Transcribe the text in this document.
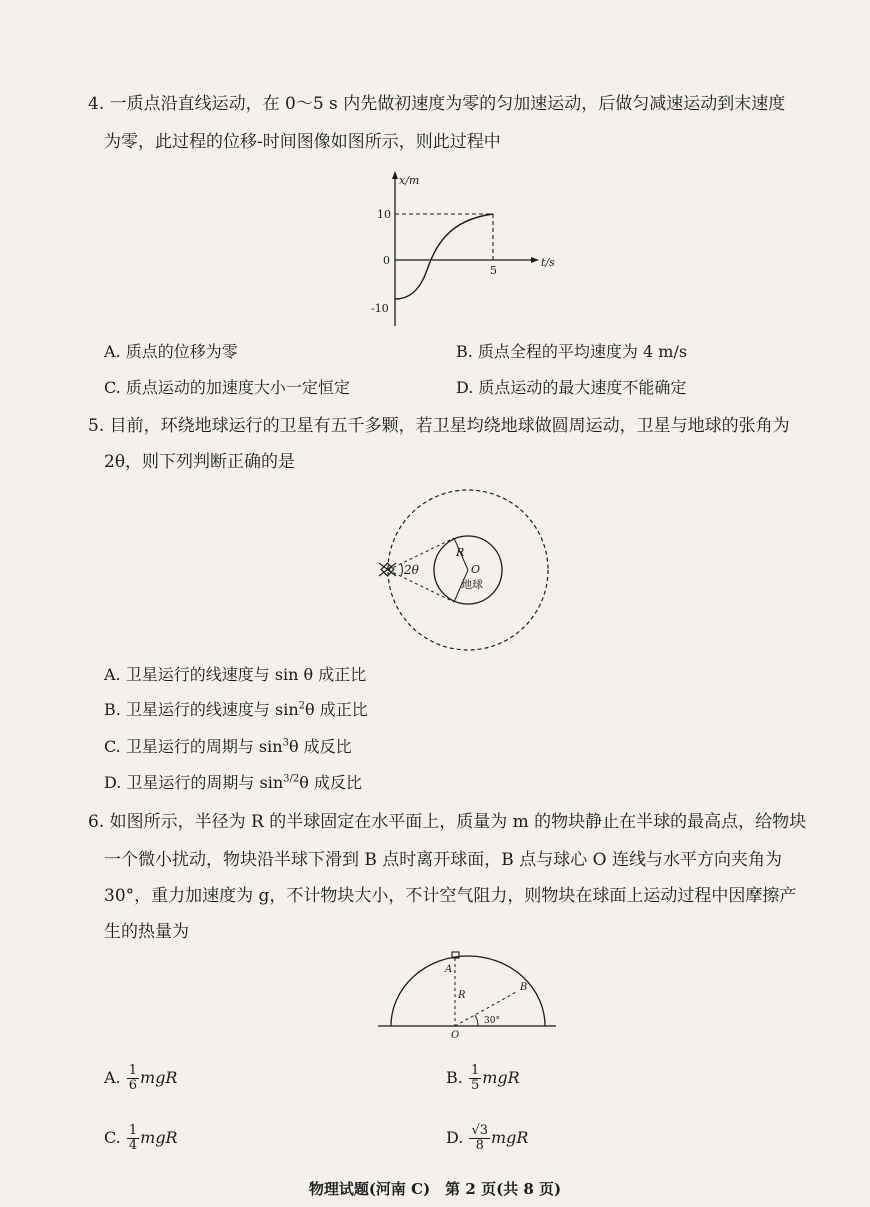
4. 一质点沿直线运动，在 0～5 s 内先做初速度为零的匀加速运动，后做匀减速运动到末速度
为零，此过程的位移-时间图像如图所示，则此过程中
x/m
t/s
10
0
-10
5
A. 质点的位移为零	B. 质点全程的平均速度为 4 m/s
C. 质点运动的加速度大小一定恒定	D. 质点运动的最大速度不能确定
5. 目前，环绕地球运行的卫星有五千多颗，若卫星均绕地球做圆周运动，卫星与地球的张角为
2θ，则下列判断正确的是
2θ
R
O
地球
A. 卫星运行的线速度与 sin θ 成正比
B. 卫星运行的线速度与 $\sin^2\theta$ 成正比
C. 卫星运行的周期与 $\sin^3\theta$ 成反比
D. 卫星运行的周期与 $\sin^{3/2}\theta$ 成反比
6. 如图所示，半径为 R 的半球固定在水平面上，质量为 m 的物块静止在半球的最高点，给物块
一个微小扰动，物块沿半球下滑到 B 点时离开球面，B 点与球心 O 连线与水平方向夹角为
30°，重力加速度为 g，不计物块大小，不计空气阻力，则物块在球面上运动过程中因摩擦产
生的热量为
A
B
R
O
30°
A. $\frac{1}{6}$ mgR	B. $\frac{1}{5}$ mgR
C. $\frac{1}{4}$ mgR	D. $\frac{√3}{8}$ mgR
物理试题(河南 C)　第 2 页(共 8 页)
